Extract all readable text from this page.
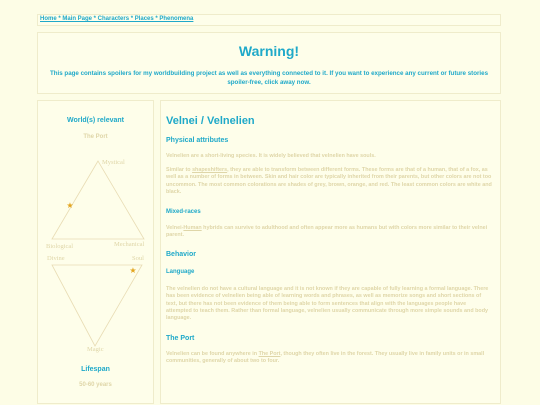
Home * Main Page * Characters * Places * Phenomena
Warning!
This page contains spoilers for my worldbuilding project as well as everything connected to it. If you want to experience any current or future stories spoiler-free, click away now.
World(s) relevant
The Port
Mystical
Biological	Mechanical
Divine	Soul
Magic
★
★
Lifespan
50-60 years
Velnei / Velnelien
Physical attributes
Velnelien are a short-living species. It is widely believed that velnelien have souls.
Similar to shapeshifters, they are able to transform between different forms. These forms are that of a human, that of a fox, as well as a number of forms in between. Skin and hair color are typically inherited from their parents, but other colors are not too uncommon. The most common colorations are shades of grey, brown, orange, and red. The least common colors are white and black.
Mixed-races
Velnei-Human hybrids can survive to adulthood and often appear more as humans but with colors more similar to their velnei parent.
Behavior
Language
The velnelien do not have a cultural language and it is not known if they are capable of fully learning a formal language. There has been evidence of velnelien being able of learning words and phrases, as well as memorize songs and short sections of text, but there has not been evidence of them being able to form sentences that align with the languages people have attempted to teach them. Rather than formal language, velnelien usually communicate through more simple sounds and body language.
The Port
Velnelien can be found anywhere in The Port, though they often live in the forest. They usually live in family units or in small communities, generally of about two to four.
